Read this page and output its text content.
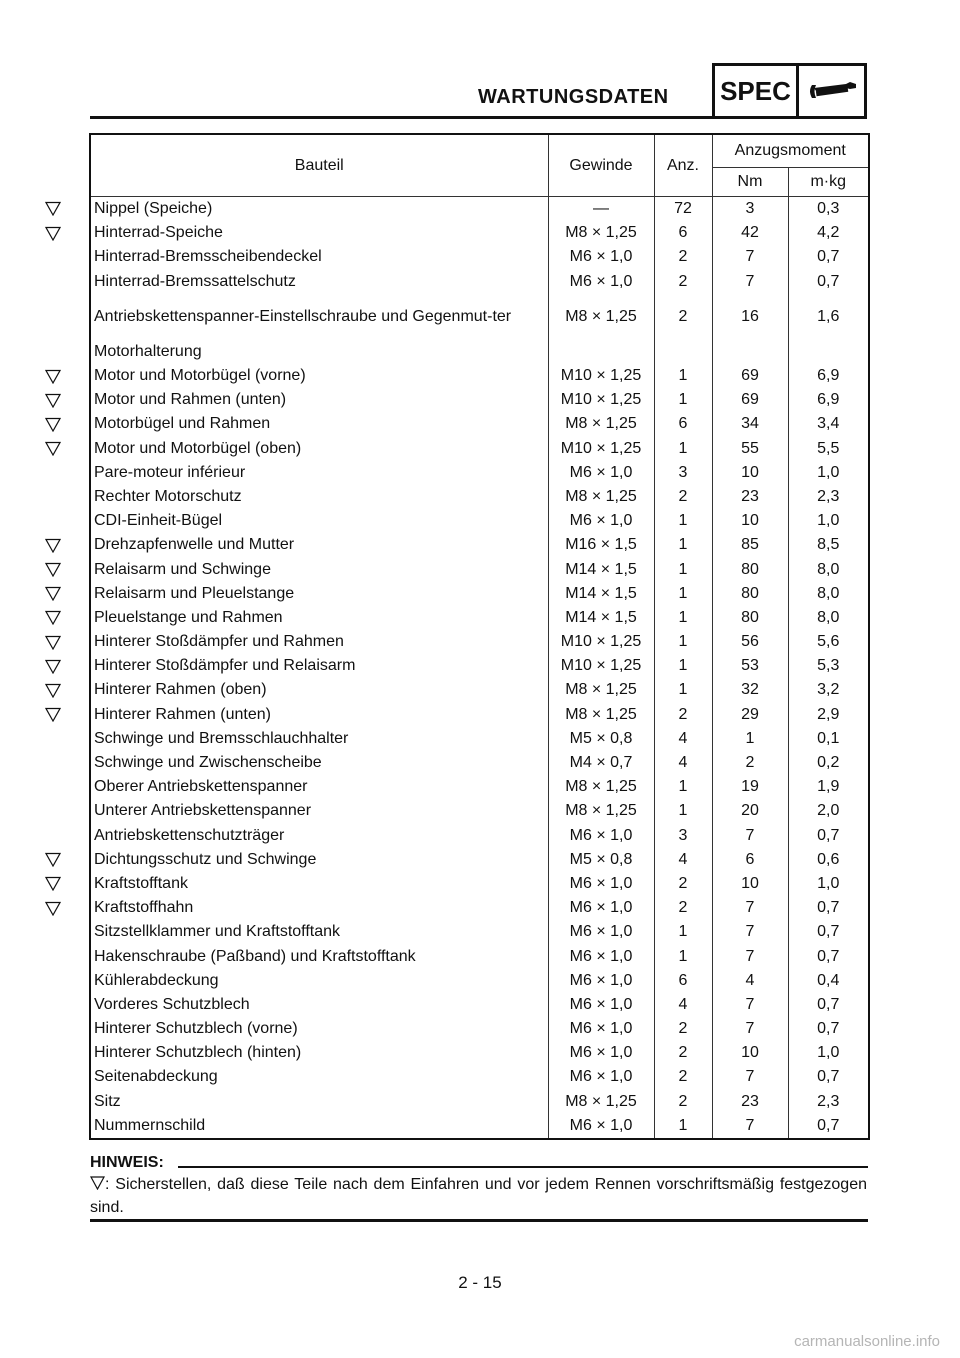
WARTUNGSDATEN SPEC
Bauteil	Gewinde	Anz.	Anzugsmoment	
			Nm	m·kg
Nippel (Speiche)	—	72	3	0,3
Hinterrad-Speiche	M8 × 1,25	6	42	4,2
Hinterrad-Bremsscheibendeckel	M6 × 1,0	2	7	0,7
Hinterrad-Bremssattelschutz	M6 × 1,0	2	7	0,7
Antriebskettenspanner-Einstellschraube und Gegenmut-ter	M8 × 1,25	2	16	1,6
Motorhalterung				
Motor und Motorbügel (vorne)	M10 × 1,25	1	69	6,9
Motor und Rahmen (unten)	M10 × 1,25	1	69	6,9
Motorbügel und Rahmen	M8 × 1,25	6	34	3,4
Motor und Motorbügel (oben)	M10 × 1,25	1	55	5,5
Pare-moteur inférieur	M6 × 1,0	3	10	1,0
Rechter Motorschutz	M8 × 1,25	2	23	2,3
CDI-Einheit-Bügel	M6 × 1,0	1	10	1,0
Drehzapfenwelle und Mutter	M16 × 1,5	1	85	8,5
Relaisarm und Schwinge	M14 × 1,5	1	80	8,0
Relaisarm und Pleuelstange	M14 × 1,5	1	80	8,0
Pleuelstange und Rahmen	M14 × 1,5	1	80	8,0
Hinterer Stoßdämpfer und Rahmen	M10 × 1,25	1	56	5,6
Hinterer Stoßdämpfer und Relaisarm	M10 × 1,25	1	53	5,3
Hinterer Rahmen (oben)	M8 × 1,25	1	32	3,2
Hinterer Rahmen (unten)	M8 × 1,25	2	29	2,9
Schwinge und Bremsschlauchhalter	M5 × 0,8	4	1	0,1
Schwinge und Zwischenscheibe	M4 × 0,7	4	2	0,2
Oberer Antriebskettenspanner	M8 × 1,25	1	19	1,9
Unterer Antriebskettenspanner	M8 × 1,25	1	20	2,0
Antriebskettenschutzträger	M6 × 1,0	3	7	0,7
Dichtungsschutz und Schwinge	M5 × 0,8	4	6	0,6
Kraftstofftank	M6 × 1,0	2	10	1,0
Kraftstoffhahn	M6 × 1,0	2	7	0,7
Sitzstellklammer und Kraftstofftank	M6 × 1,0	1	7	0,7
Hakenschraube (Paßband) und Kraftstofftank	M6 × 1,0	1	7	0,7
Kühlerabdeckung	M6 × 1,0	6	4	0,4
Vorderes Schutzblech	M6 × 1,0	4	7	0,7
Hinterer Schutzblech (vorne)	M6 × 1,0	2	7	0,7
Hinterer Schutzblech (hinten)	M6 × 1,0	2	10	1,0
Seitenabdeckung	M6 × 1,0	2	7	0,7
Sitz	M8 × 1,25	2	23	2,3
Nummernschild	M6 × 1,0	1	7	0,7
HINWEIS:
: Sicherstellen, daß diese Teile nach dem Einfahren und vor jedem Rennen vorschriftsmäßig festgezogen sind.
2 - 15
carmanualsonline.info
